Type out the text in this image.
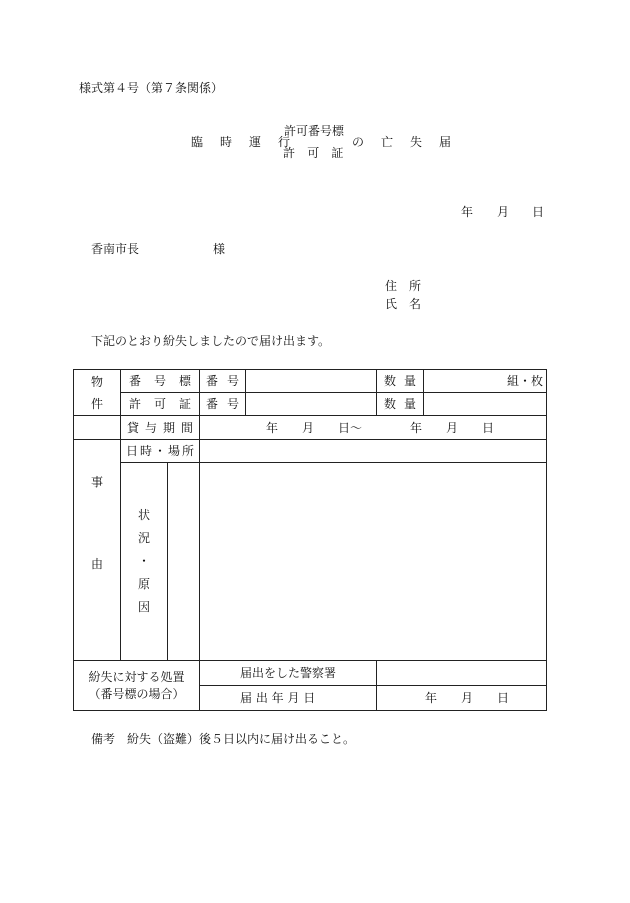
様式第４号（第７条関係）
臨 時 運 行
許可番号標
許 可 証
の 亡 失 届
年 月 日
香南市長	様
住　所
氏　名
下記のとおり紛失しましたので届け出ます。
物
件	番 号 標	番 号		数 量	組・枚

	許 可 証	番 号		数 量	

	貸 与 期 間	年　　月　　日～　　　　年　　月　　日			

事
由	日 時 ・ 場 所				

	状
況
・
原
因				

紛失に対する処置
（番号標の場合）		届出をした警察署			
		届 出 年 月 日		年　　月　　日	
備考　紛失（盗難）後５日以内に届け出ること。
